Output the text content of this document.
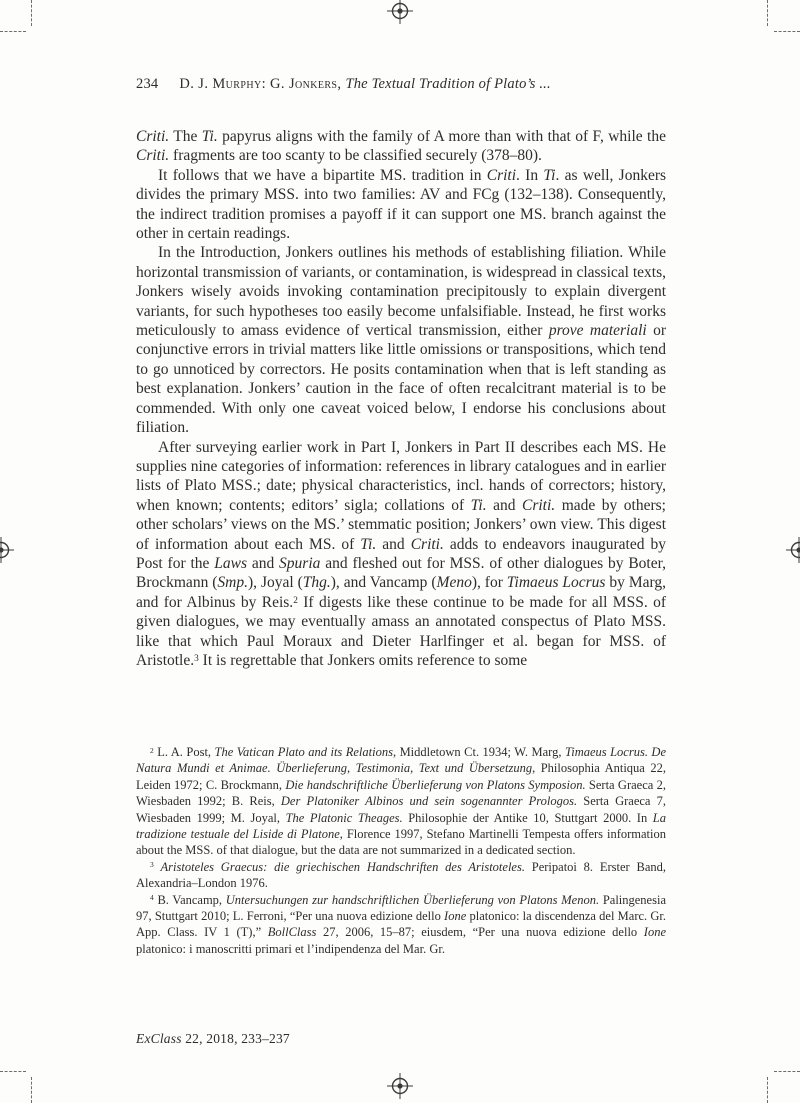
234 D. J. Murphy: G. Jonkers, The Textual Tradition of Plato’s ...

Criti. The Ti. papyrus aligns with the family of A more than with that of F, while the Criti. fragments are too scanty to be classified securely (378–80).

It follows that we have a bipartite MS. tradition in Criti. In Ti. as well, Jonkers divides the primary MSS. into two families: AV and FCg (132–138). Consequently, the indirect tradition promises a payoff if it can support one MS. branch against the other in certain readings.

In the Introduction, Jonkers outlines his methods of establishing filiation. While horizontal transmission of variants, or contamination, is widespread in classical texts, Jonkers wisely avoids invoking contamination precipitously to explain divergent variants, for such hypotheses too easily become unfalsifiable. Instead, he first works meticulously to amass evidence of vertical transmission, either prove materiali or conjunctive errors in trivial matters like little omissions or transpositions, which tend to go unnoticed by correctors. He posits contamination when that is left standing as best explanation. Jonkers’ caution in the face of often recalcitrant material is to be commended. With only one caveat voiced below, I endorse his conclusions about filiation.

After surveying earlier work in Part I, Jonkers in Part II describes each MS. He supplies nine categories of information: references in library catalogues and in earlier lists of Plato MSS.; date; physical characteristics, incl. hands of correctors; history, when known; contents; editors’ sigla; collations of Ti. and Criti. made by others; other scholars’ views on the MS.’ stemmatic position; Jonkers’ own view. This digest of information about each MS. of Ti. and Criti. adds to endeavors inaugurated by Post for the Laws and Spuria and fleshed out for MSS. of other dialogues by Boter, Brockmann (Smp.), Joyal (Thg.), and Vancamp (Meno), for Timaeus Locrus by Marg, and for Albinus by Reis.$^2$ If digests like these continue to be made for all MSS. of given dialogues, we may eventually amass an annotated conspectus of Plato MSS. like that which Paul Moraux and Dieter Harlfinger et al. began for MSS. of Aristotle.$^3$ It is regrettable that Jonkers omits reference to some

$^2$ L. A. Post, The Vatican Plato and its Relations, Middletown Ct. 1934; W. Marg, Timaeus Locrus. De Natura Mundi et Animae. Überlieferung, Testimonia, Text und Übersetzung, Philosophia Antiqua 22, Leiden 1972; C. Brockmann, Die handschriftliche Überlieferung von Platons Symposion. Serta Graeca 2, Wiesbaden 1992; B. Reis, Der Platoniker Albinos und sein sogenannter Prologos. Serta Graeca 7, Wiesbaden 1999; M. Joyal, The Platonic Theages. Philosophie der Antike 10, Stuttgart 2000. In La tradizione testuale del Liside di Platone, Florence 1997, Stefano Martinelli Tempesta offers information about the MSS. of that dialogue, but the data are not summarized in a dedicated section.

$^3$ Aristoteles Graecus: die griechischen Handschriften des Aristoteles. Peripatoi 8. Erster Band, Alexandria–London 1976.

$^4$ B. Vancamp, Untersuchungen zur handschriftlichen Überlieferung von Platons Menon. Palingenesia 97, Stuttgart 2010; L. Ferroni, “Per una nuova edizione dello Ione platonico: la discendenza del Marc. Gr. App. Class. IV 1 (T),” BollClass 27, 2006, 15–87; eiusdem, “Per una nuova edizione dello Ione platonico: i manoscritti primari et l’indipendenza del Mar. Gr.

ExClass 22, 2018, 233–237
